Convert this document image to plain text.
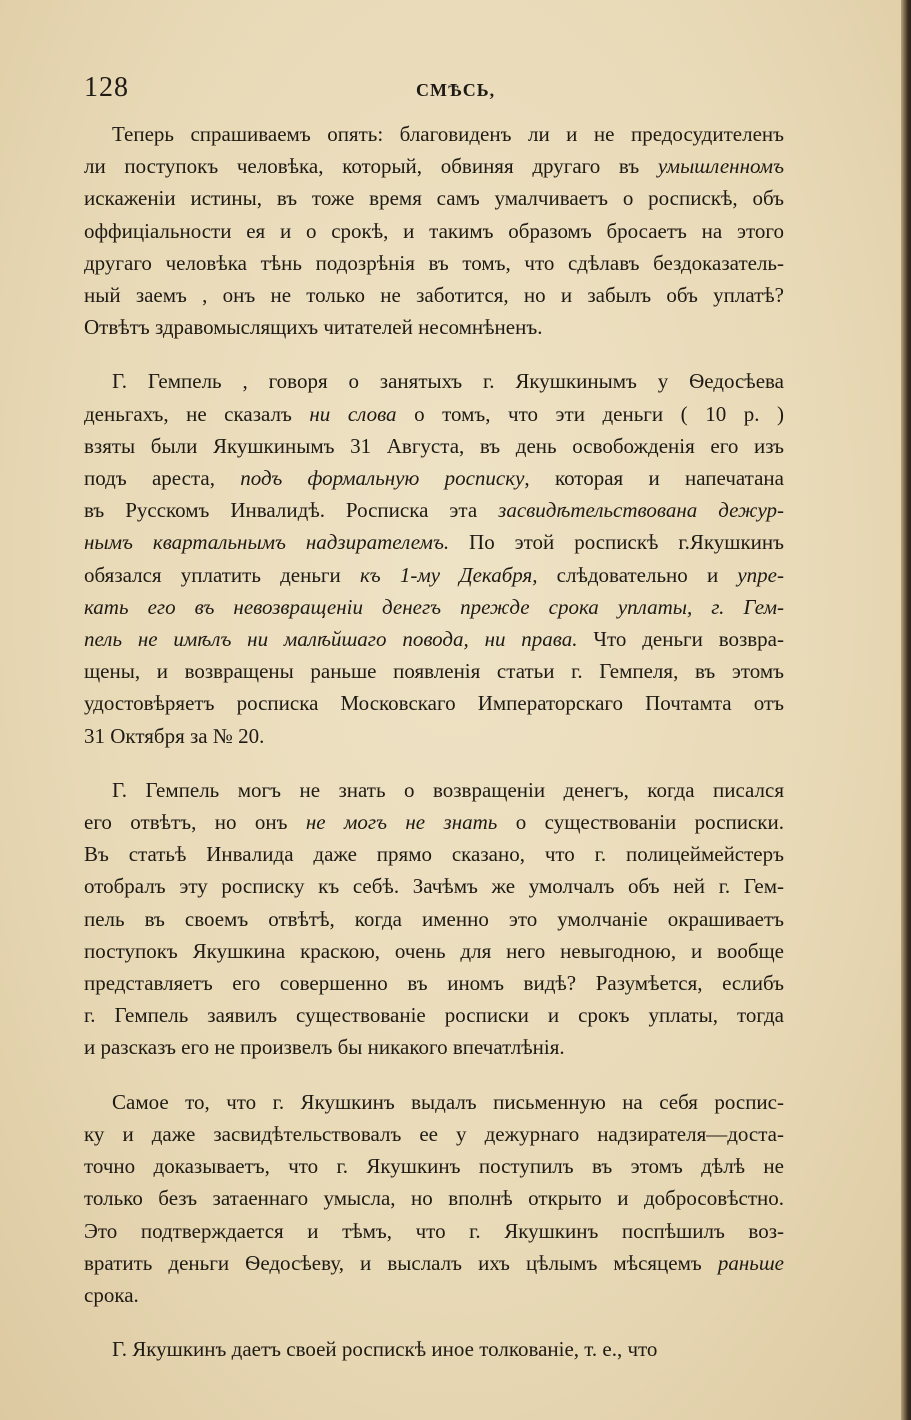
128	СМѢСЬ,
Теперь спрашиваемъ опять: благовиденъ ли и не предосудителенъ
ли поступокъ человѣка, который, обвиняя другаго въ умышленномъ
искаженіи истины, въ тоже время самъ умалчиваетъ о роспискѣ, объ
оффиціальности ея и о срокѣ, и такимъ образомъ бросаетъ на этого
другаго человѣка тѣнь подозрѣнія въ томъ, что сдѣлавъ бездоказатель-
ный заемъ , онъ не только не заботится, но и забылъ объ уплатѣ?
Отвѣтъ здравомыслящихъ читателей несомнѣненъ.
Г. Гемпель , говоря о занятыхъ г. Якушкинымъ у Ѳедосѣева
деньгахъ, не сказалъ ни слова о томъ, что эти деньги ( 10 р. )
взяты были Якушкинымъ 31 Августа, въ день освобожденія его изъ
подъ ареста, подъ формальную росписку, которая и напечатана
въ Русскомъ Инвалидѣ. Росписка эта засвидѣтельствована дежур-
нымъ квартальнымъ надзирателемъ. По этой роспискѣ г.Якушкинъ
обязался уплатить деньги къ 1-му Декабря, слѣдовательно и упре-
кать его въ невозвращеніи денегъ прежде срока уплаты, г. Гем-
пель не имѣлъ ни малѣйшаго повода, ни права. Что деньги возвра-
щены, и возвращены раньше появленія статьи г. Гемпеля, въ этомъ
удостовѣряетъ росписка Московскаго Императорскаго Почтамта отъ
31 Октября за № 20.
Г. Гемпель могъ не знать о возвращеніи денегъ, когда писался
его отвѣтъ, но онъ не могъ не знать о существованіи росписки.
Въ статьѣ Инвалида даже прямо сказано, что г. полицеймейстеръ
отобралъ эту росписку къ себѣ. Зачѣмъ же умолчалъ объ ней г. Гем-
пель въ своемъ отвѣтѣ, когда именно это умолчаніе окрашиваетъ
поступокъ Якушкина краскою, очень для него невыгодною, и вообще
представляетъ его совершенно въ иномъ видѣ? Разумѣется, еслибъ
г. Гемпель заявилъ существованіе росписки и срокъ уплаты, тогда
и разсказъ его не произвелъ бы никакого впечатлѣнія.
Самое то, что г. Якушкинъ выдалъ письменную на себя роспис-
ку и даже засвидѣтельствовалъ ее у дежурнаго надзирателя—доста-
точно доказываетъ, что г. Якушкинъ поступилъ въ этомъ дѣлѣ не
только безъ затаеннаго умысла, но вполнѣ открыто и добросовѣстно.
Это подтверждается и тѣмъ, что г. Якушкинъ поспѣшилъ воз-
вратить деньги Ѳедосѣеву, и выслалъ ихъ цѣлымъ мѣсяцемъ раньше
срока.
Г. Якушкинъ даетъ своей роспискѣ иное толкованіе, т. е., что
